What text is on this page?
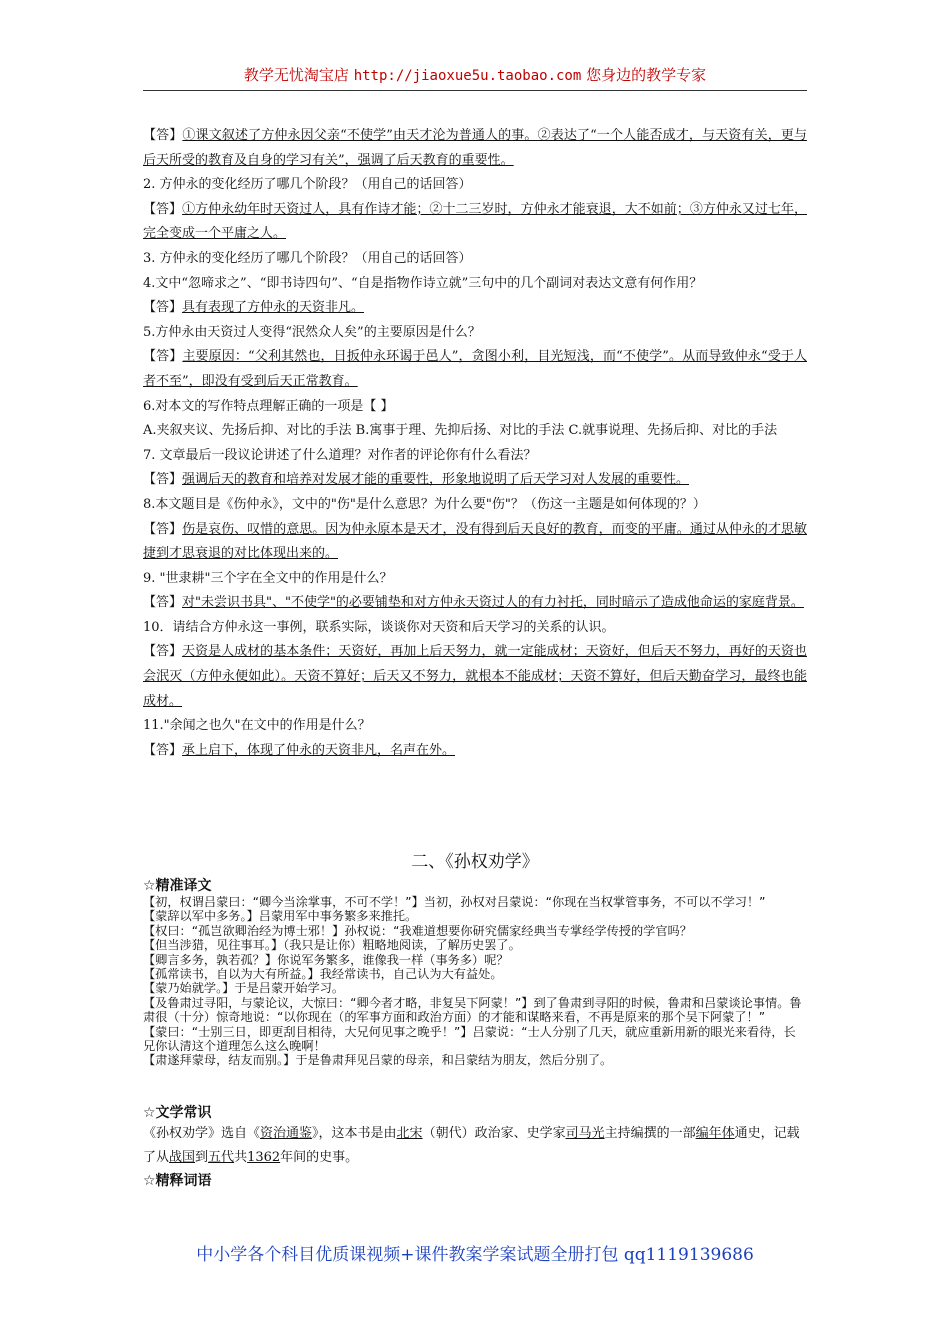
教学无忧淘宝店 http://jiaoxue5u.taobao.com 您身边的教学专家

【答】①课文叙述了方仲永因父亲“不使学”由天才沦为普通人的事。②表达了“一个人能否成才，与天资有关，更与后天所受的教育及自身的学习有关”，强调了后天教育的重要性。

2. 方仲永的变化经历了哪几个阶段？（用自己的话回答）

【答】①方仲永幼年时天资过人，具有作诗才能；②十二三岁时，方仲永才能衰退，大不如前；③方仲永又过七年，完全变成一个平庸之人。

3. 方仲永的变化经历了哪几个阶段？（用自己的话回答）

4.文中“忽啼求之”、“即书诗四句”、“自是指物作诗立就”三句中的几个副词对表达文意有何作用？

【答】具有表现了方仲永的天资非凡。

5.方仲永由天资过人变得“泯然众人矣”的主要原因是什么？

【答】主要原因：“父利其然也，日扳仲永环谒于邑人”，贪图小利，目光短浅，而“不使学”。从而导致仲永“受于人者不至”，即没有受到后天正常教育。

6.对本文的写作特点理解正确的一项是【 】

A.夹叙夹议、先扬后抑、对比的手法 B.寓事于理、先抑后扬、对比的手法 C.就事说理、先扬后抑、对比的手法

7. 文章最后一段议论讲述了什么道理？对作者的评论你有什么看法？

【答】强调后天的教育和培养对发展才能的重要性，形象地说明了后天学习对人发展的重要性。

8.本文题目是《伤仲永》，文中的"伤"是什么意思？为什么要"伤"？（伤这一主题是如何体现的？）

【答】伤是哀伤、叹惜的意思。因为仲永原本是天才，没有得到后天良好的教育，而变的平庸。通过从仲永的才思敏捷到才思衰退的对比体现出来的。

9. "世隶耕"三个字在全文中的作用是什么？

【答】对"未尝识书具"、"不使学"的必要铺垫和对方仲永天资过人的有力衬托，同时暗示了造成他命运的家庭背景。

10．请结合方仲永这一事例，联系实际，谈谈你对天资和后天学习的关系的认识。

【答】天资是人成材的基本条件；天资好，再加上后天努力，就一定能成材；天资好，但后天不努力，再好的天资也会泯灭（方仲永便如此）。天资不算好；后天又不努力，就根本不能成材；天资不算好，但后天勤奋学习，最终也能成材。

11."余闻之也久"在文中的作用是什么？

【答】承上启下，体现了仲永的天资非凡，名声在外。

二、《孙权劝学》

☆精准译文

【初，权谓吕蒙曰：“卿今当涂掌事，不可不学！”】当初，孙权对吕蒙说：“你现在当权掌管事务，不可以不学习！”

【蒙辞以军中多务。】吕蒙用军中事务繁多来推托。

【权曰：“孤岂欲卿治经为博士邪！】孙权说：“我难道想要你研究儒家经典当专掌经学传授的学官吗？

【但当涉猎，见往事耳。】（我只是让你）粗略地阅读，了解历史罢了。

【卿言多务，孰若孤？】你说军务繁多，谁像我一样（事务多）呢？

【孤常读书，自以为大有所益。】我经常读书，自己认为大有益处。

【蒙乃始就学。】于是吕蒙开始学习。

【及鲁肃过寻阳，与蒙论议，大惊曰：“卿今者才略，非复吴下阿蒙！”】到了鲁肃到寻阳的时候，鲁肃和吕蒙谈论事情。鲁肃很（十分）惊奇地说：“以你现在（的军事方面和政治方面）的才能和谋略来看，不再是原来的那个吴下阿蒙了！”

【蒙曰：“士别三日，即更刮目相待，大兄何见事之晚乎！”】吕蒙说：“士人分别了几天，就应重新用新的眼光来看待，长兄你认清这个道理怎么这么晚啊！

【肃遂拜蒙母，结友而别。】于是鲁肃拜见吕蒙的母亲，和吕蒙结为朋友，然后分别了。

☆文学常识

《孙权劝学》选自《资治通鉴》，这本书是由北宋（朝代）政治家、史学家司马光主持编撰的一部编年体通史，记载了从战国到五代共1362年间的史事。

☆精释词语

中小学各个科目优质课视频+课件教案学案试题全册打包 qq1119139686
